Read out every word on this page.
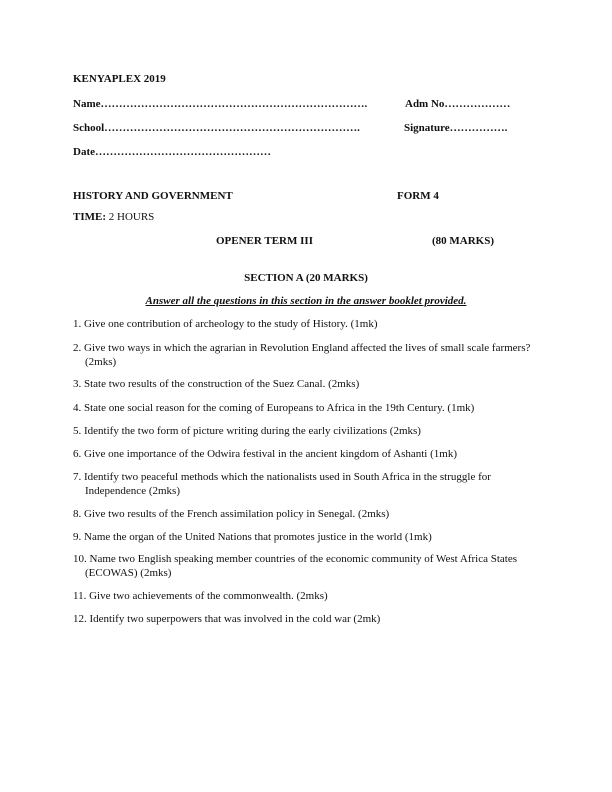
KENYAPLEX 2019
Name……………………………………………………………….	Adm No………………
School…………………………………………………………….	Signature…………….
Date…………………………………………
HISTORY AND GOVERNMENT	FORM 4
TIME: 2 HOURS
OPENER TERM III	(80 MARKS)
SECTION A (20 MARKS)
Answer all the questions in this section in the answer booklet provided.
1. Give one contribution of archeology to the study of History. (1mk)
2. Give two ways in which the agrarian in Revolution England affected the lives of small scale farmers? (2mks)
3. State two results of the construction of the Suez Canal. (2mks)
4. State one social reason for the coming of Europeans to Africa in the 19th Century. (1mk)
5. Identify the two form of picture writing during the early civilizations (2mks)
6. Give one importance of the Odwira festival in the ancient kingdom of Ashanti (1mk)
7. Identify two peaceful methods which the nationalists used in South Africa in the struggle for Independence (2mks)
8. Give two results of the French assimilation policy in Senegal. (2mks)
9. Name the organ of the United Nations that promotes justice in the world (1mk)
10. Name two English speaking member countries of the economic community of West Africa States (ECOWAS) (2mks)
11. Give two achievements of the commonwealth. (2mks)
12. Identify two superpowers that was involved in the cold war (2mk)
